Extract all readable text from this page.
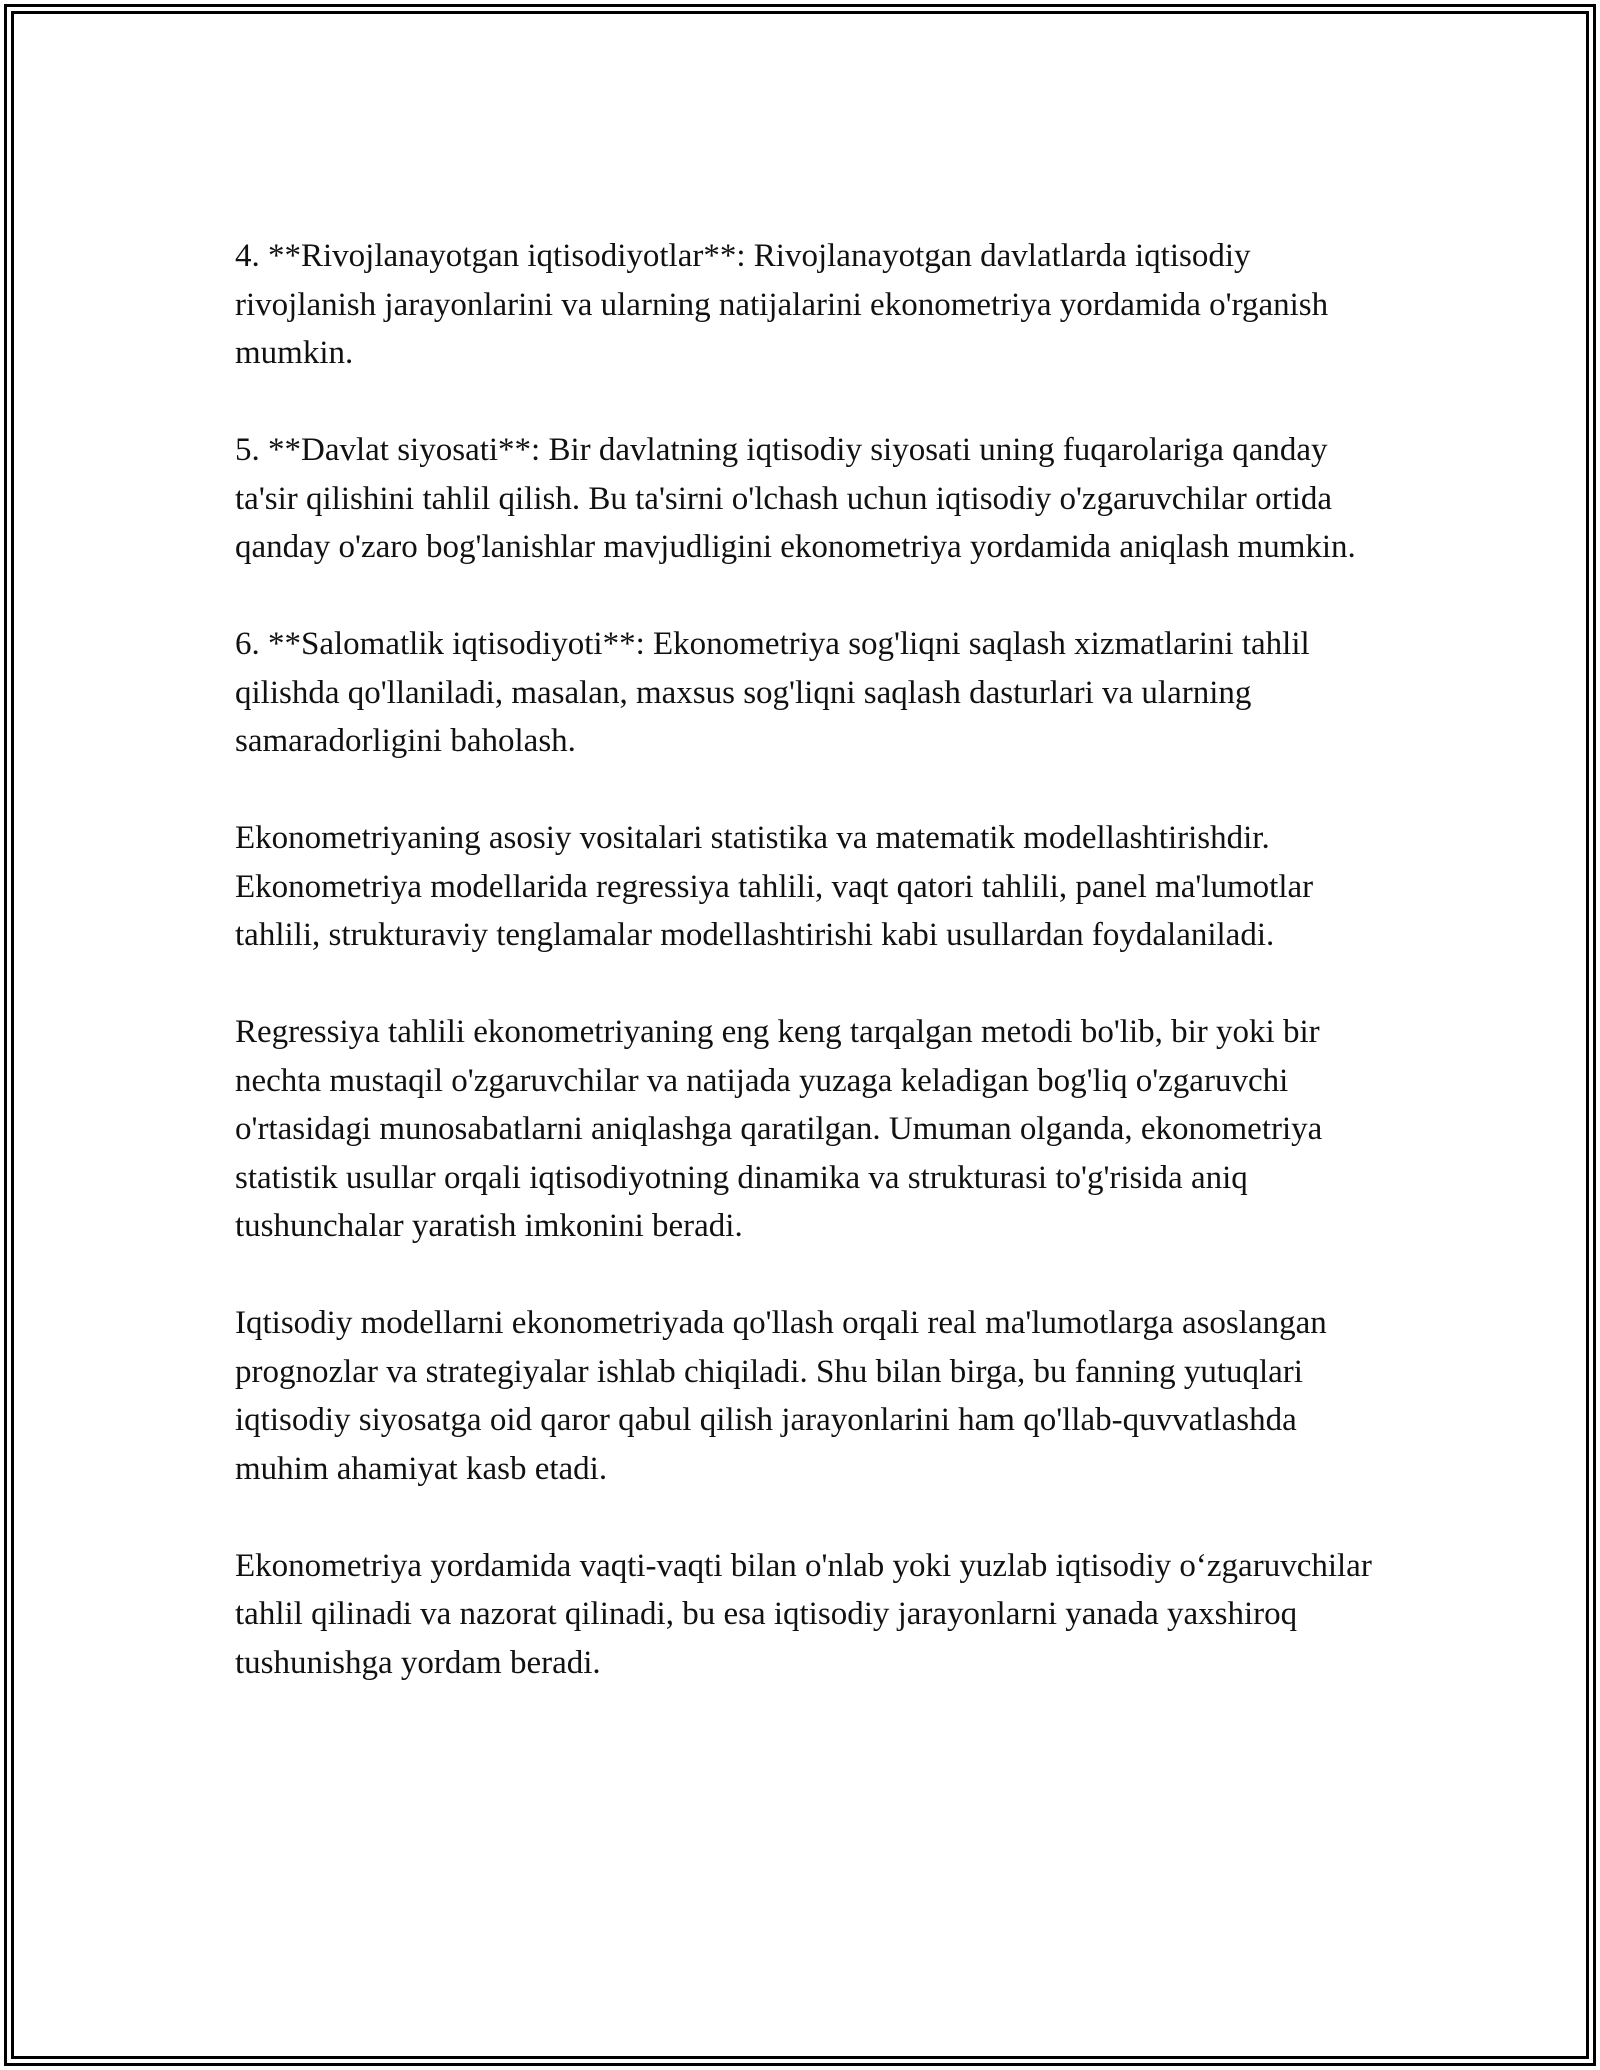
4. **Rivojlanayotgan iqtisodiyotlar**: Rivojlanayotgan davlatlarda iqtisodiy rivojlanish jarayonlarini va ularning natijalarini ekonometriya yordamida o'rganish mumkin.

5. **Davlat siyosati**: Bir davlatning iqtisodiy siyosati uning fuqarolariga qanday ta'sir qilishini tahlil qilish. Bu ta'sirni o'lchash uchun iqtisodiy o'zgaruvchilar ortida qanday o'zaro bog'lanishlar mavjudligini ekonometriya yordamida aniqlash mumkin.

6. **Salomatlik iqtisodiyoti**: Ekonometriya sog'liqni saqlash xizmatlarini tahlil qilishda qo'llaniladi, masalan, maxsus sog'liqni saqlash dasturlari va ularning samaradorligini baholash.

Ekonometriyaning asosiy vositalari statistika va matematik modellashtirishdir. Ekonometriya modellarida regressiya tahlili, vaqt qatori tahlili, panel ma'lumotlar tahlili, strukturaviy tenglamalar modellashtirishi kabi usullardan foydalaniladi.

Regressiya tahlili ekonometriyaning eng keng tarqalgan metodi bo'lib, bir yoki bir nechta mustaqil o'zgaruvchilar va natijada yuzaga keladigan bog'liq o'zgaruvchi o'rtasidagi munosabatlarni aniqlashga qaratilgan. Umuman olganda, ekonometriya statistik usullar orqali iqtisodiyotning dinamika va strukturasi to'g'risida aniq tushunchalar yaratish imkonini beradi.

Iqtisodiy modellarni ekonometriyada qo'llash orqali real ma'lumotlarga asoslangan prognozlar va strategiyalar ishlab chiqiladi. Shu bilan birga, bu fanning yutuqlari iqtisodiy siyosatga oid qaror qabul qilish jarayonlarini ham qo'llab-quvvatlashda muhim ahamiyat kasb etadi.

Ekonometriya yordamida vaqti-vaqti bilan o'nlab yoki yuzlab iqtisodiy oʻzgaruvchilar tahlil qilinadi va nazorat qilinadi, bu esa iqtisodiy jarayonlarni yanada yaxshiroq tushunishga yordam beradi.
